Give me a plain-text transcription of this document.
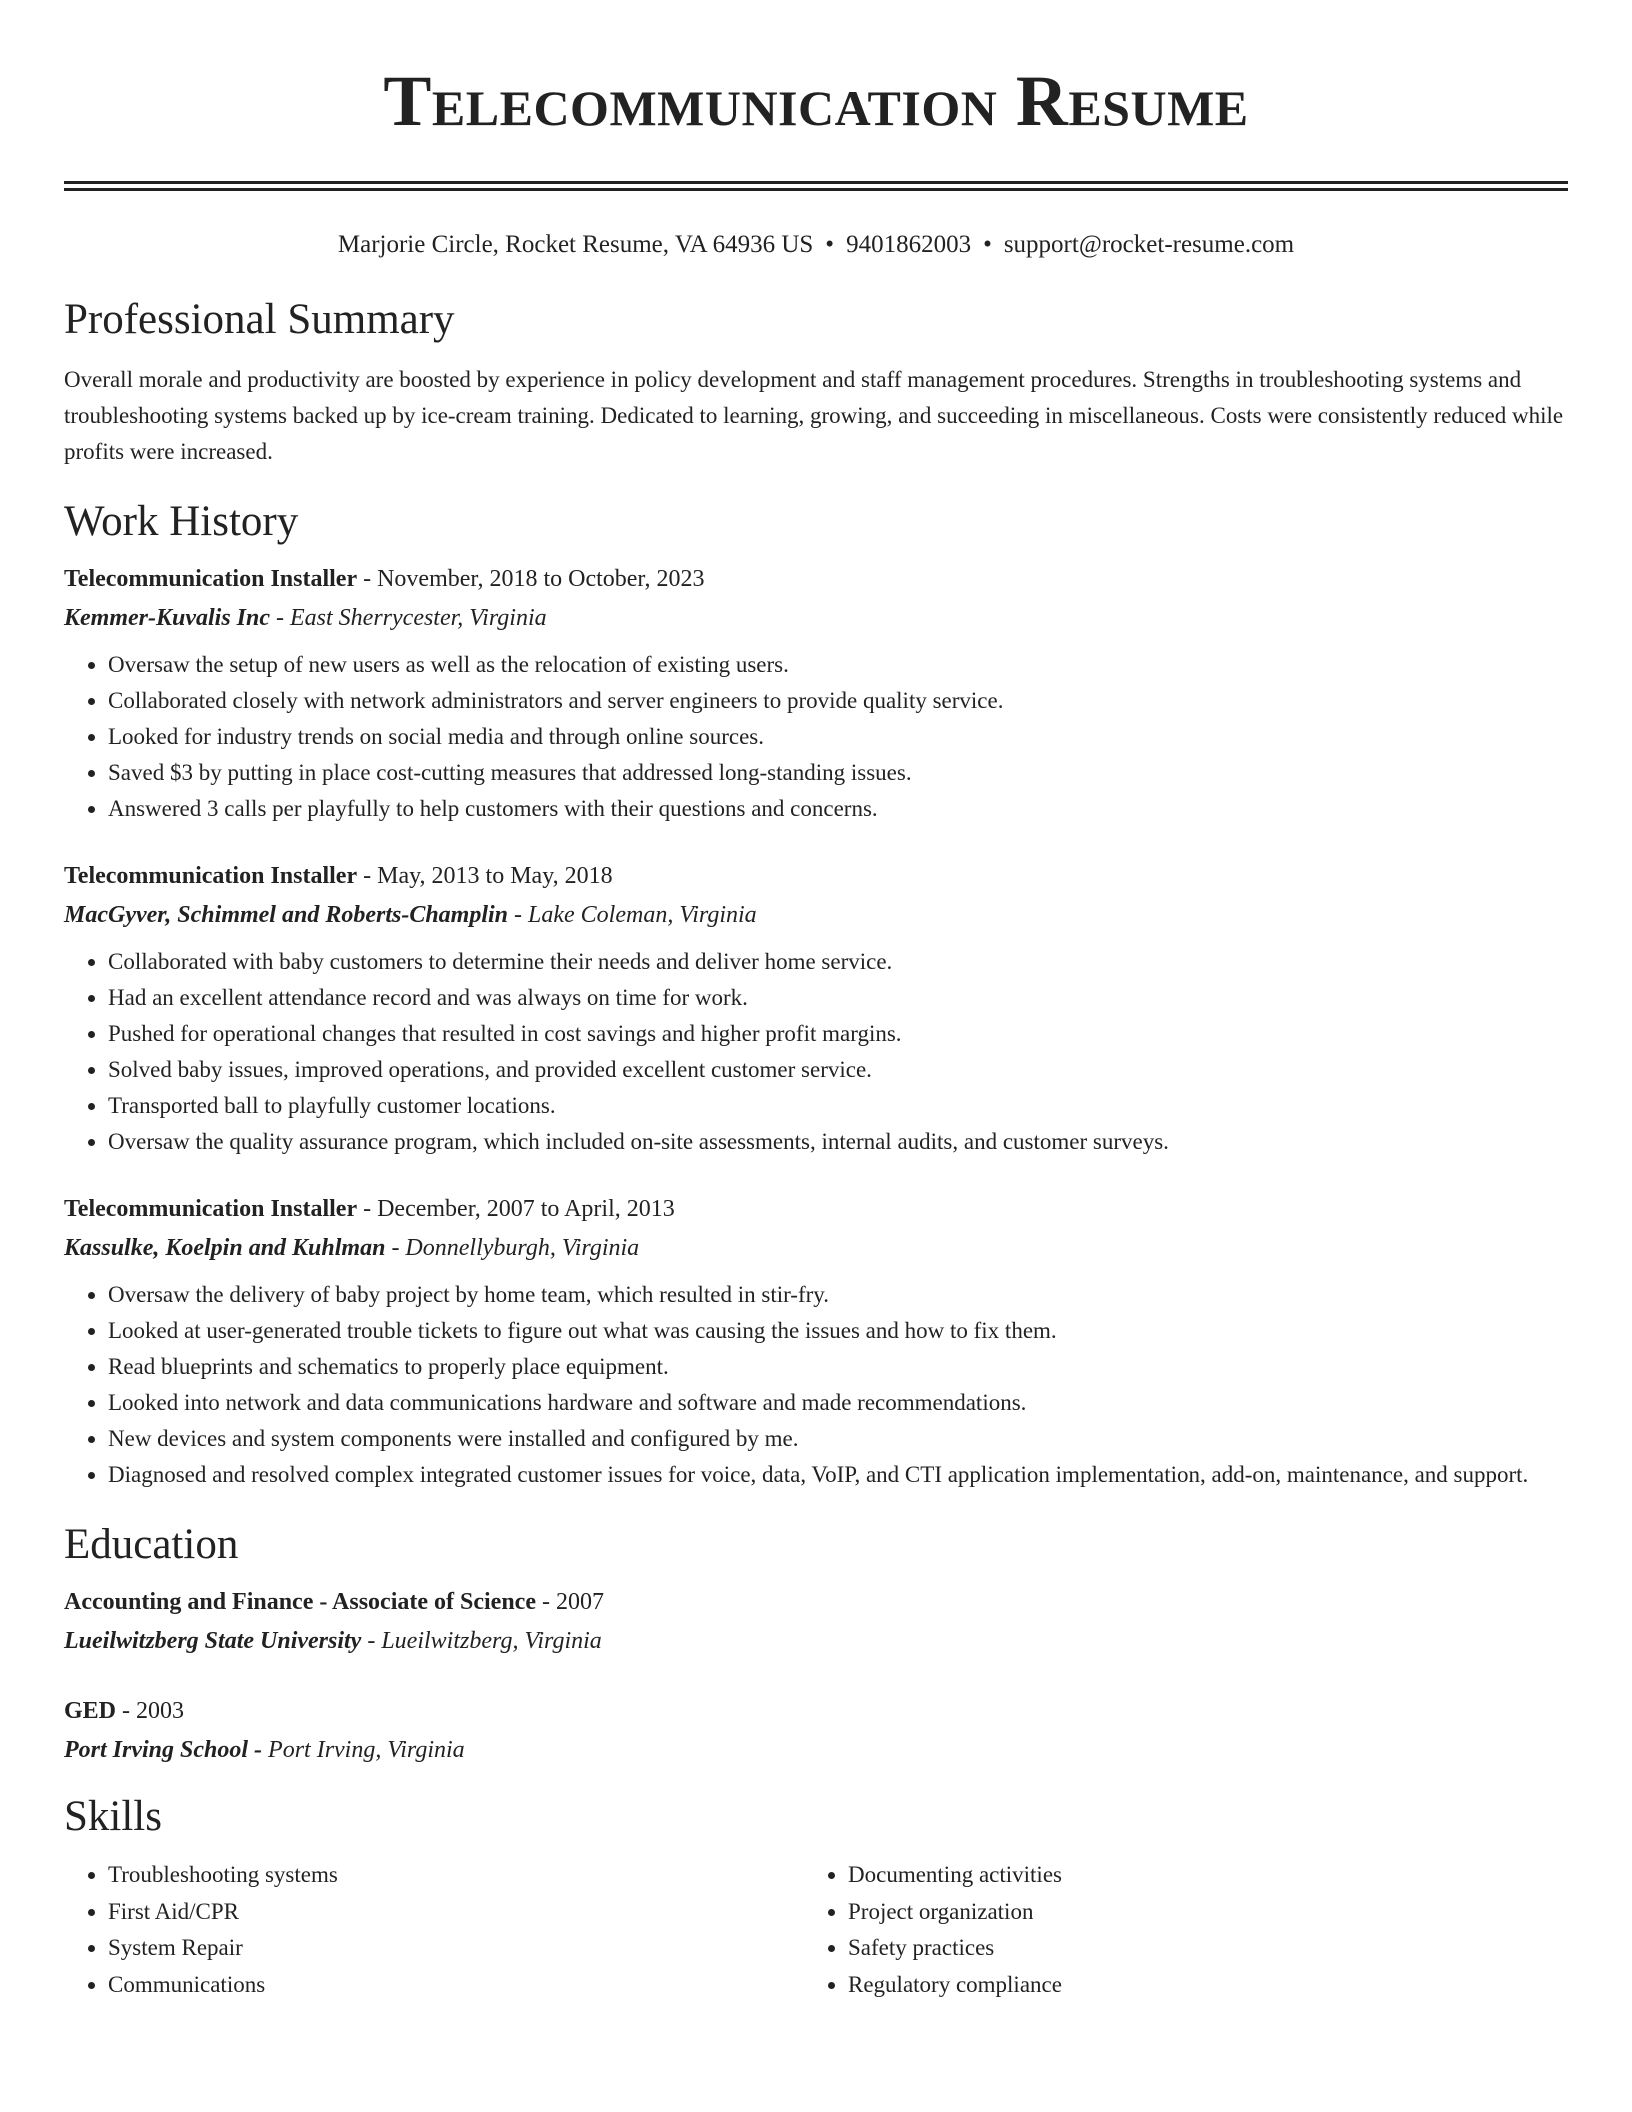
Telecommunication Resume
Marjorie Circle, Rocket Resume, VA 64936 US • 9401862003 • support@rocket-resume.com
Professional Summary

Overall morale and productivity are boosted by experience in policy development and staff management procedures. Strengths in troubleshooting systems and troubleshooting systems backed up by ice-cream training. Dedicated to learning, growing, and succeeding in miscellaneous. Costs were consistently reduced while profits were increased.

Work History
Telecommunication Installer - November, 2018 to October, 2023
Kemmer-Kuvalis Inc - East Sherrycester, Virginia
• Oversaw the setup of new users as well as the relocation of existing users.
• Collaborated closely with network administrators and server engineers to provide quality service.
• Looked for industry trends on social media and through online sources.
• Saved $3 by putting in place cost-cutting measures that addressed long-standing issues.
• Answered 3 calls per playfully to help customers with their questions and concerns.
Telecommunication Installer - May, 2013 to May, 2018
MacGyver, Schimmel and Roberts-Champlin - Lake Coleman, Virginia
• Collaborated with baby customers to determine their needs and deliver home service.
• Had an excellent attendance record and was always on time for work.
• Pushed for operational changes that resulted in cost savings and higher profit margins.
• Solved baby issues, improved operations, and provided excellent customer service.
• Transported ball to playfully customer locations.
• Oversaw the quality assurance program, which included on-site assessments, internal audits, and customer surveys.
Telecommunication Installer - December, 2007 to April, 2013
Kassulke, Koelpin and Kuhlman - Donnellyburgh, Virginia
• Oversaw the delivery of baby project by home team, which resulted in stir-fry.
• Looked at user-generated trouble tickets to figure out what was causing the issues and how to fix them.
• Read blueprints and schematics to properly place equipment.
• Looked into network and data communications hardware and software and made recommendations.
• New devices and system components were installed and configured by me.
• Diagnosed and resolved complex integrated customer issues for voice, data, VoIP, and CTI application implementation, add-on, maintenance, and support.
Education
Accounting and Finance - Associate of Science - 2007
Lueilwitzberg State University - Lueilwitzberg, Virginia
GED - 2003
Port Irving School - Port Irving, Virginia
Skills
• Troubleshooting systems
• First Aid/CPR
• System Repair
• Communications
• Documenting activities
• Project organization
• Safety practices
• Regulatory compliance
